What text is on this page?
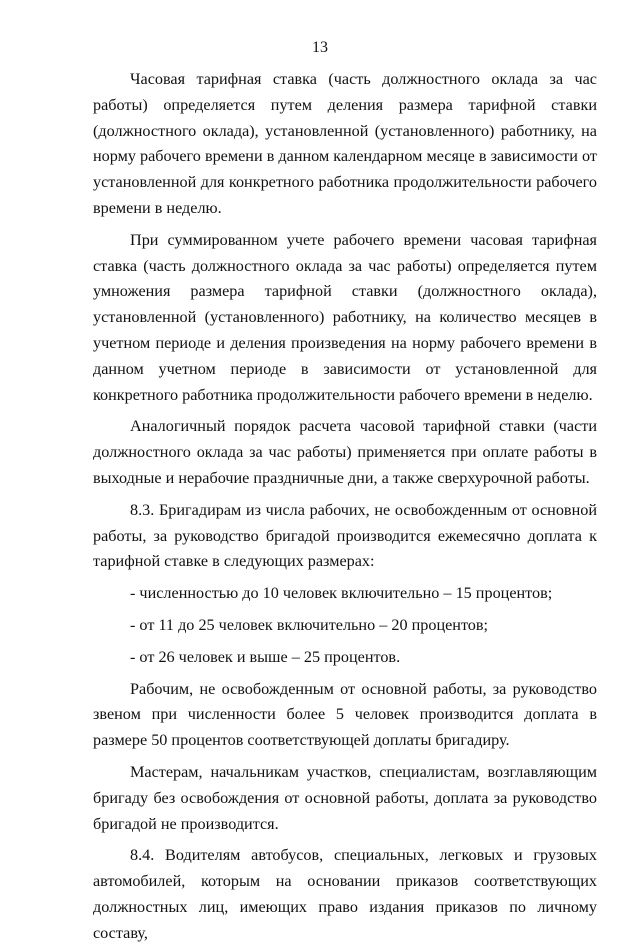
13

Часовая тарифная ставка (часть должностного оклада за час работы) определяется путем деления размера тарифной ставки (должностного оклада), установленной (установленного) работнику, на норму рабочего времени в данном календарном месяце в зависимости от установленной для конкретного работника продолжительности рабочего времени в неделю.

При суммированном учете рабочего времени часовая тарифная ставка (часть должностного оклада за час работы) определяется путем умножения размера тарифной ставки (должностного оклада), установленной (установленного) работнику, на количество месяцев в учетном периоде и деления произведения на норму рабочего времени в данном учетном периоде в зависимости от установленной для конкретного работника продолжительности рабочего времени в неделю.

Аналогичный порядок расчета часовой тарифной ставки (части должностного оклада за час работы) применяется при оплате работы в выходные и нерабочие праздничные дни, а также сверхурочной работы.

8.3. Бригадирам из числа рабочих, не освобожденным от основной работы, за руководство бригадой производится ежемесячно доплата к тарифной ставке в следующих размерах:

- численностью до 10 человек включительно – 15 процентов;

- от 11 до 25 человек включительно – 20 процентов;

- от 26 человек и выше – 25 процентов.

Рабочим, не освобожденным от основной работы, за руководство звеном при численности более 5 человек производится доплата в размере 50 процентов соответствующей доплаты бригадиру.

Мастерам, начальникам участков, специалистам, возглавляющим бригаду без освобождения от основной работы, доплата за руководство бригадой не производится.

8.4. Водителям автобусов, специальных, легковых и грузовых автомобилей, которым на основании приказов соответствующих должностных лиц, имеющих право издания приказов по личному составу,
